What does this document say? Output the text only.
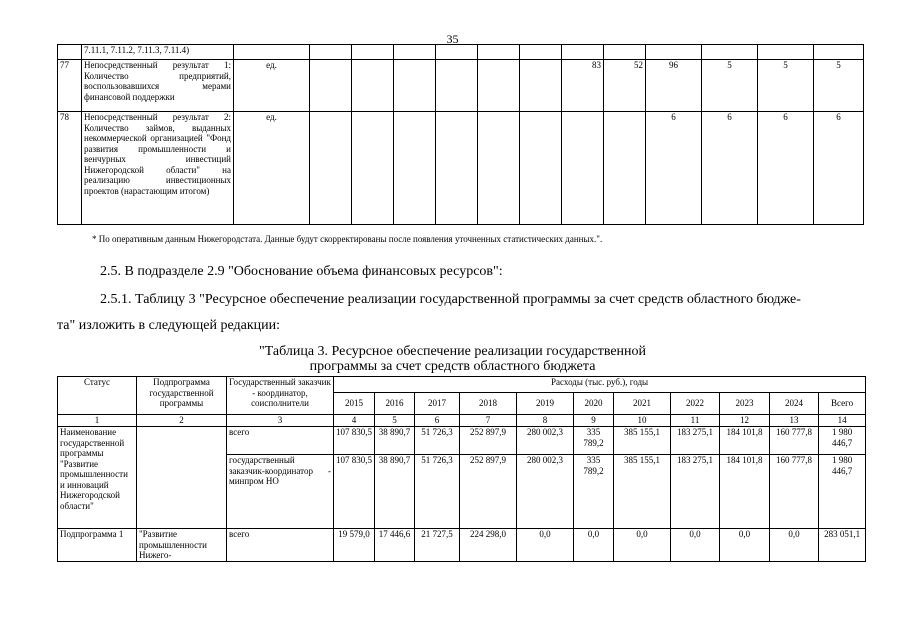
35
	7.11.1, 7.11.2, 7.11.3, 7.11.4)													
77	Непосредственный результат 1: Количество предприятий, воспользовавшихся мерами финансовой поддержки	ед.							83	52	96	5	5	5
78	Непосредственный результат 2: Количество займов, выданных некоммерческой организацией "Фонд развития промышленности и венчурных инвестиций Нижегородской области" на реализацию инвестиционных проектов (нарастающим итогом)	ед.									6	6	6	6
* По оперативным данным Нижегородстата. Данные будут скорректированы после появления уточненных статистических данных.".
2.5. В подразделе 2.9 "Обоснование объема финансовых ресурсов":
2.5.1. Таблицу 3 "Ресурсное обеспечение реализации государственной программы за счет средств областного бюдже-
та" изложить в следующей редакции:
"Таблица 3. Ресурсное обеспечение реализации государственной
программы за счет средств областного бюджета
Статус	Подпрограмма государственной программы	Государственный заказчик - координатор, соисполнители	Расходы (тыс. руб.), годы										
			2015	2016	2017	2018	2019	2020	2021	2022	2023	2024	Всего
1	2	3	4	5	6	7	8	9	10	11	12	13	14
Наименование государственной программы "Развитие промышленности и инноваций Нижегородской области"		всего	107 830,5	38 890,7	51 726,3	252 897,9	280 002,3	335 789,2	385 155,1	183 275,1	184 101,8	160 777,8	1 980 446,7
		государственный заказчик-координатор - минпром НО	107 830,5	38 890,7	51 726,3	252 897,9	280 002,3	335 789,2	385 155,1	183 275,1	184 101,8	160 777,8	1 980 446,7
Подпрограмма 1	"Развитие промышленности Нижего-	всего	19 579,0	17 446,6	21 727,5	224 298,0	0,0	0,0	0,0	0,0	0,0	0,0	283 051,1
